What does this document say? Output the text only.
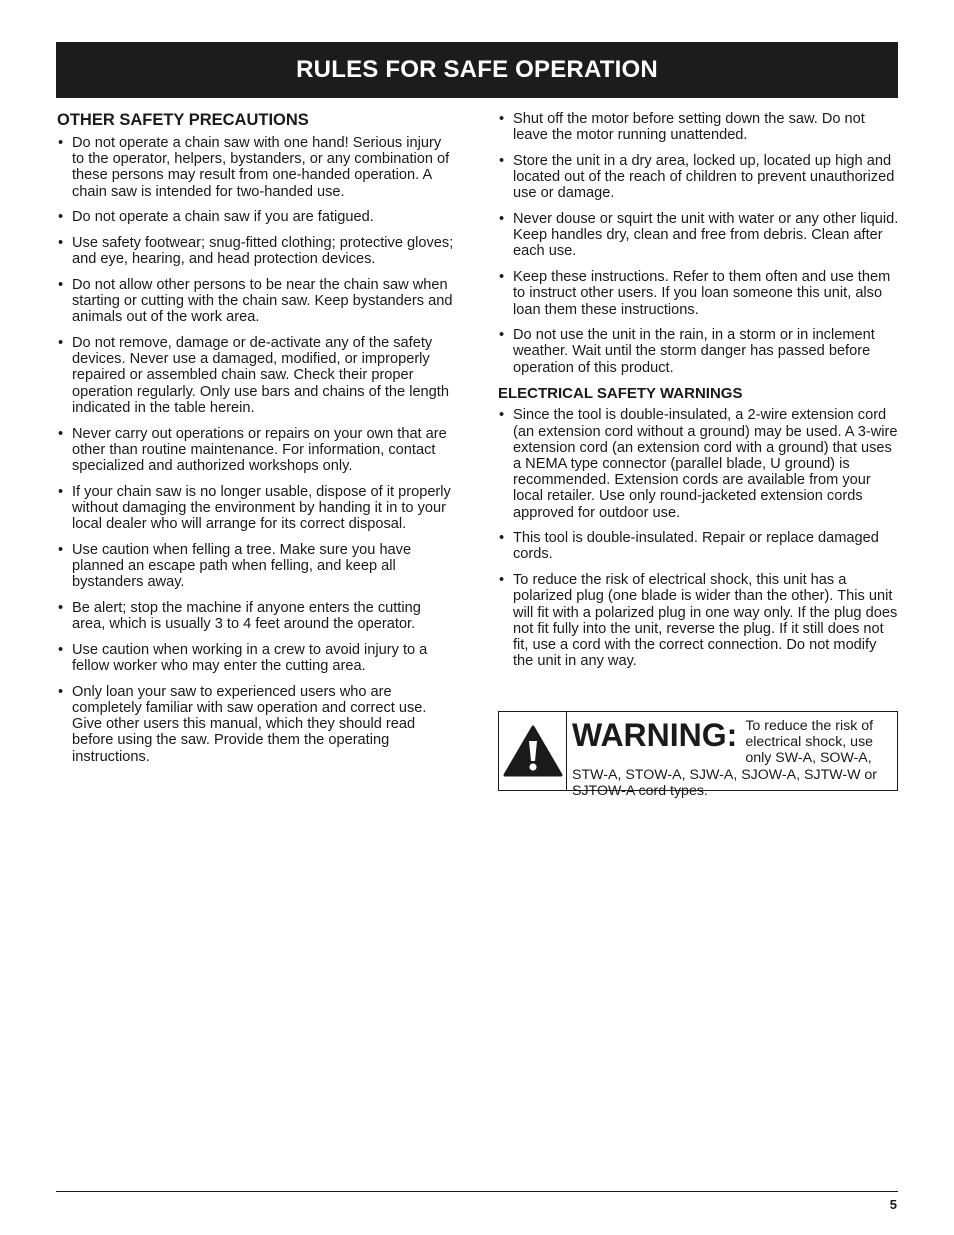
RULES FOR SAFE OPERATION
OTHER SAFETY PRECAUTIONS
• Do not operate a chain saw with one hand! Serious injury to the operator, helpers, bystanders, or any combination of these persons may result from one-handed operation. A chain saw is intended for two-handed use.
• Do not operate a chain saw if you are fatigued.
• Use safety footwear; snug-fitted clothing; protective gloves; and eye, hearing, and head protection devices.
• Do not allow other persons to be near the chain saw when starting or cutting with the chain saw. Keep bystanders and animals out of the work area.
• Do not remove, damage or de-activate any of the safety devices. Never use a damaged, modified, or improperly repaired or assembled chain saw. Check their proper operation regularly. Only use bars and chains of the length indicated in the table herein.
• Never carry out operations or repairs on your own that are other than routine maintenance. For information, contact specialized and authorized workshops only.
• If your chain saw is no longer usable, dispose of it properly without damaging the environment by handing it in to your local dealer who will arrange for its correct disposal.
• Use caution when felling a tree. Make sure you have planned an escape path when felling, and keep all bystanders away.
• Be alert; stop the machine if anyone enters the cutting area, which is usually 3 to 4 feet around the operator.
• Use caution when working in a crew to avoid injury to a fellow worker who may enter the cutting area.
• Only loan your saw to experienced users who are completely familiar with saw operation and correct use. Give other users this manual, which they should read before using the saw. Provide them the operating instructions.
• Shut off the motor before setting down the saw. Do not leave the motor running unattended.
• Store the unit in a dry area, locked up, located up high and located out of the reach of children to prevent unauthorized use or damage.
• Never douse or squirt the unit with water or any other liquid. Keep handles dry, clean and free from debris. Clean after each use.
• Keep these instructions. Refer to them often and use them to instruct other users. If you loan someone this unit, also loan them these instructions.
• Do not use the unit in the rain, in a storm or in inclement weather. Wait until the storm danger has passed before operation of this product.
ELECTRICAL SAFETY WARNINGS
• Since the tool is double-insulated, a 2-wire extension cord (an extension cord without a ground) may be used. A 3-wire extension cord (an extension cord with a ground) that uses a NEMA type connector (parallel blade, U ground) is recommended. Extension cords are available from your local retailer. Use only round-jacketed extension cords approved for outdoor use.
• This tool is double-insulated. Repair or replace damaged cords.
• To reduce the risk of electrical shock, this unit has a polarized plug (one blade is wider than the other). This unit will fit with a polarized plug in one way only. If the plug does not fit fully into the unit, reverse the plug. If it still does not fit, use a cord with the correct connection. Do not modify the unit in any way.
WARNING: To reduce the risk of electrical shock, use only SW-A, SOW-A, STW-A, STOW-A, SJW-A, SJOW-A, SJTW-W or SJTOW-A cord types.
5
